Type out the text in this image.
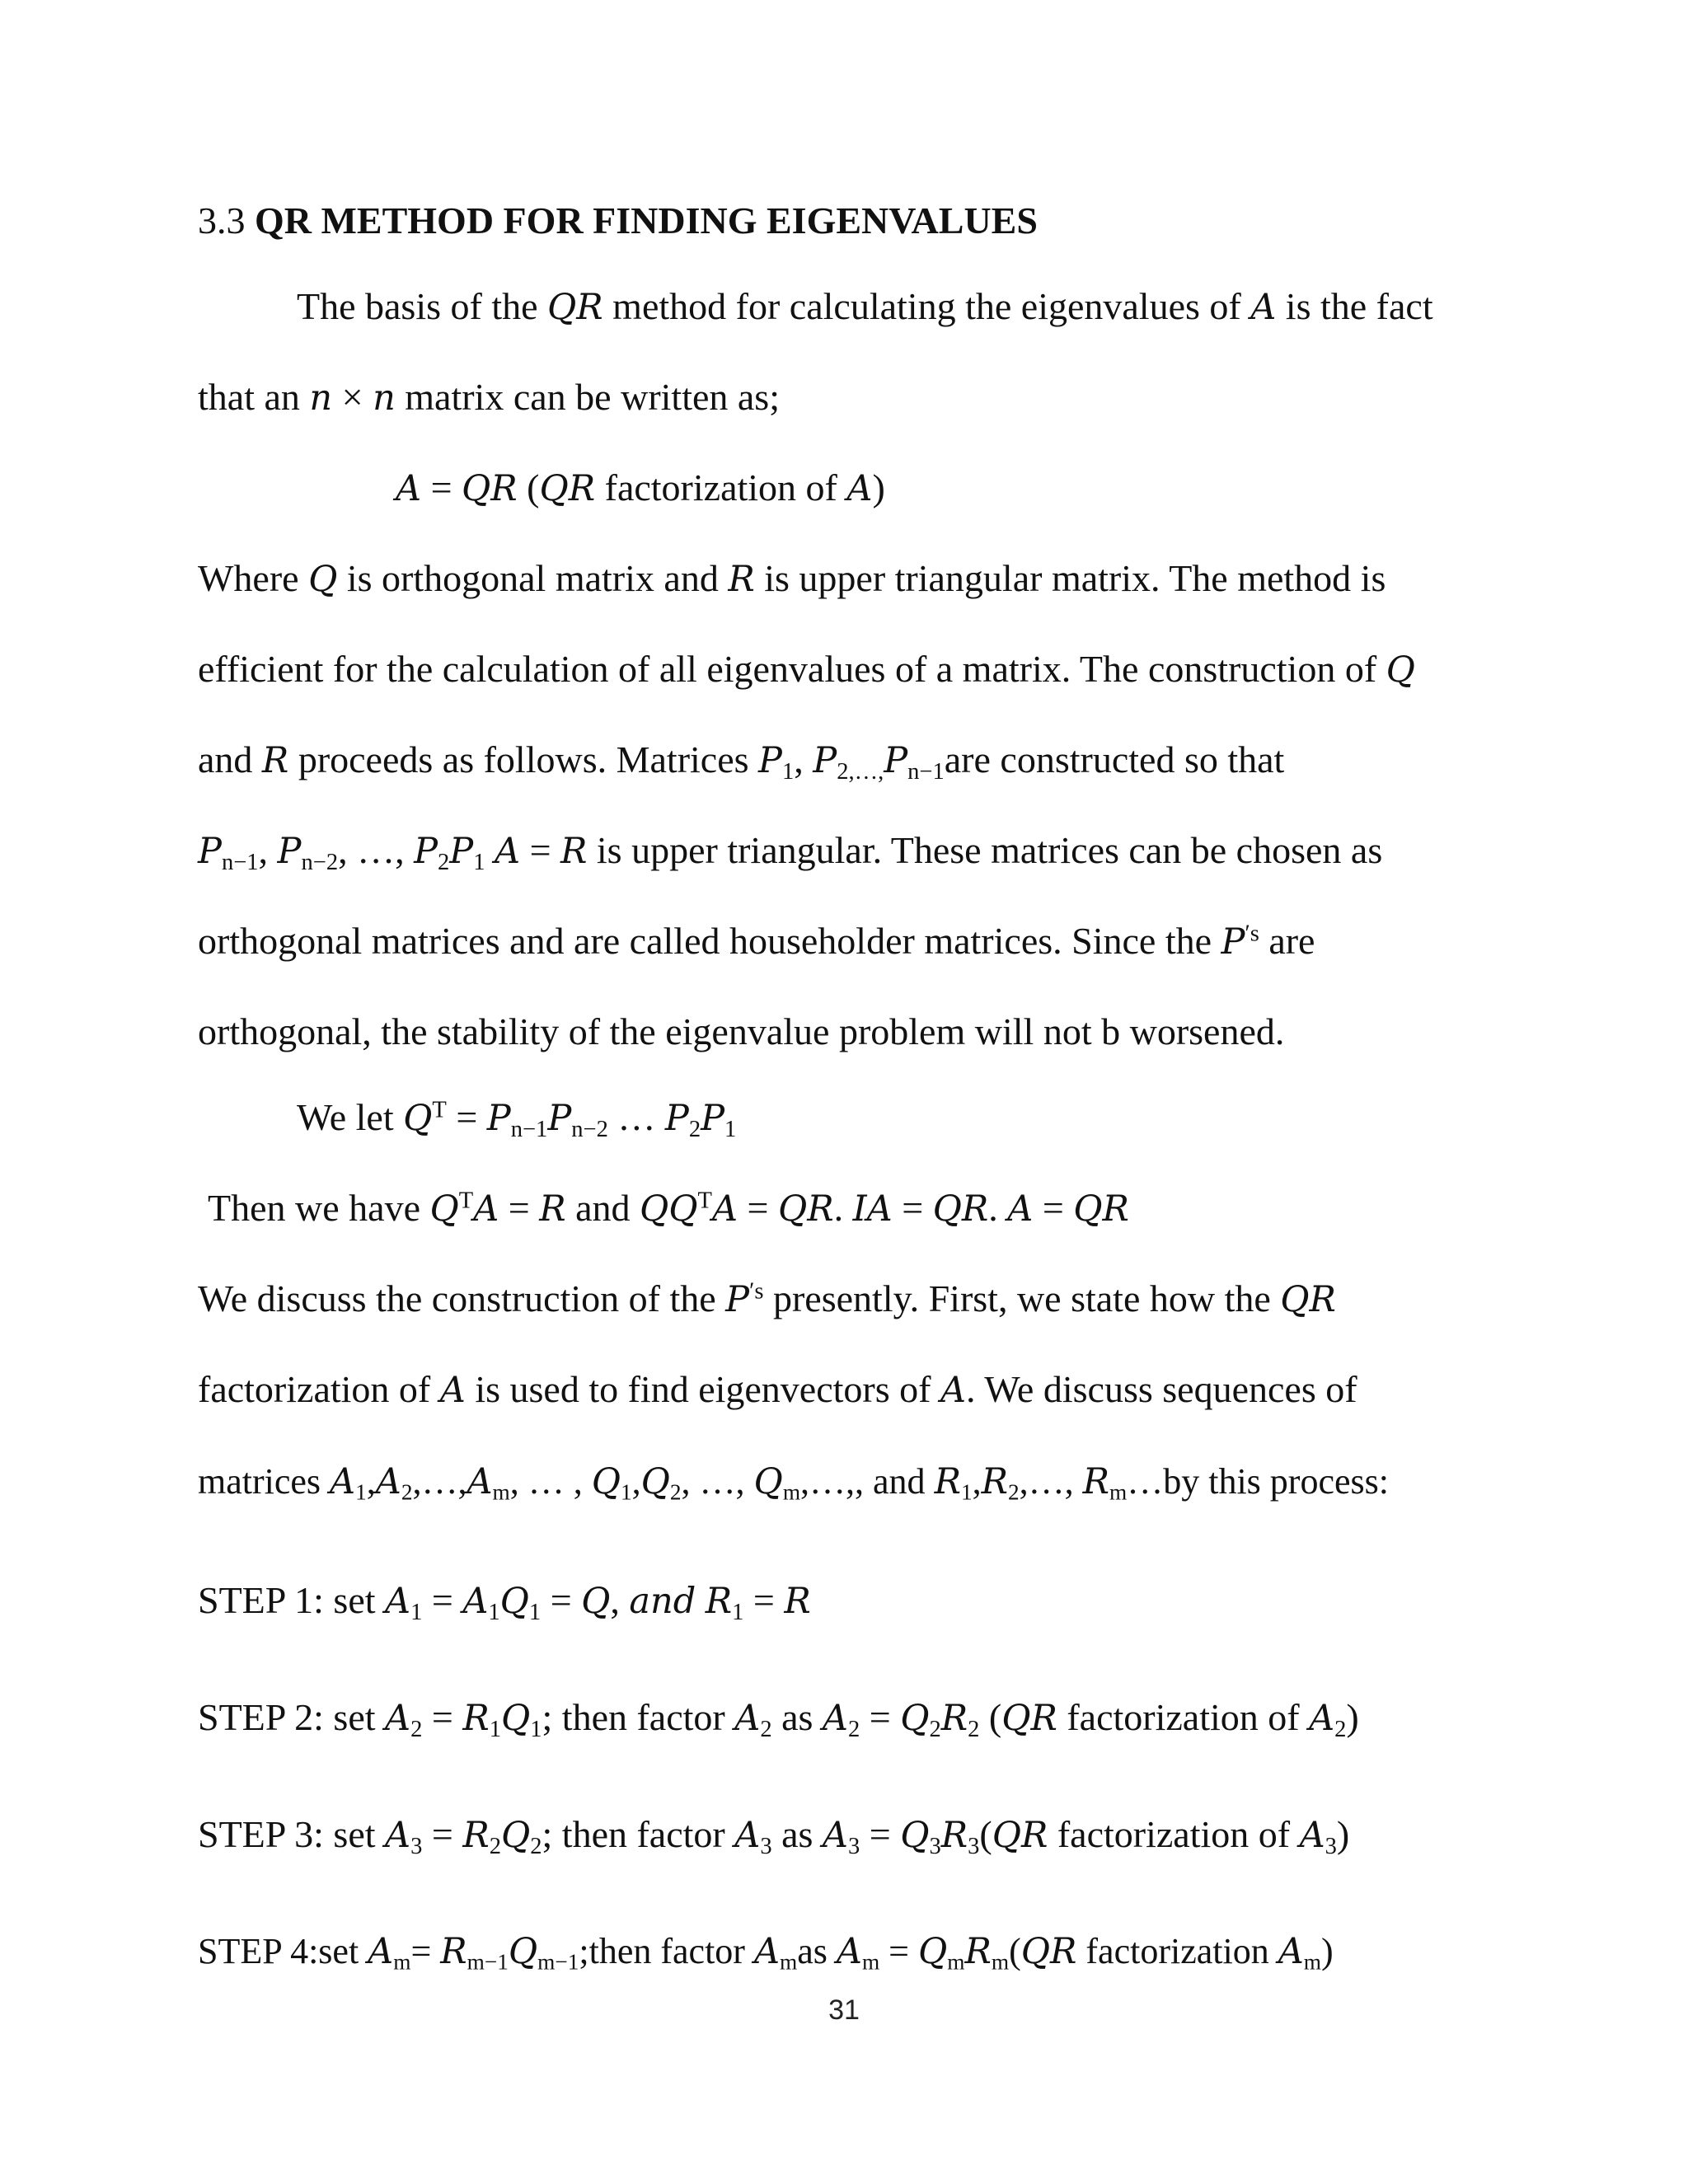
3.3 QR METHOD FOR FINDING EIGENVALUES
The basis of the QR method for calculating the eigenvalues of A is the fact
that an n × n matrix can be written as;
A = QR (QR factorization of A)
Where Q is orthogonal matrix and R is upper triangular matrix. The method is
efficient for the calculation of all eigenvalues of a matrix. The construction of Q
and R proceeds as follows. Matrices $P_1$, $P_{2,\dots,}P_{n-1}are$ constructed so that
$P_{n-1}$, $P_{n-2}$, …, $P_2P_1$ A = R is upper triangular. These matrices can be chosen as
orthogonal matrices and are called householder matrices. Since the $P^{'s}$ are
orthogonal, the stability of the eigenvalue problem will not b worsened.
We let $Q^T = P_{n-1}P_{n-2}$ … $P_2P_1$
Then we have $Q^TA = R$ and $QQ^TA$ = QR. IA = QR. A = QR
We discuss the construction of the $P^{'s}$ presently. First, we state how the QR
factorization of A is used to find eigenvectors of A. We discuss sequences of
matrices $A_1,A_2,\dots,A_m$, … , $Q_1,Q_2$, …, $Q_m,\dots$,, and $R_1,R_2,\dots$, $R_m\dots by$ this process:
STEP 1: set $A_1 = A_1Q_1 = Q$, and $R_1 = R$
STEP 2: set $A_2 = R_1Q_1$; then factor $A_2$ as $A_2 = Q_2R_2$ (QR factorization of $A_2$)
STEP 3: set $A_3 = R_2Q_2$; then factor $A_3$ as $A_3 = Q_3R_3(QR$ factorization of $A_3$)
STEP 4:set $A_m=$ $R_{m-1}Q_{m-1};then$ factor $A_mas$ $A_m = Q_mR_m(QR$ factorization $A_m$)
31
